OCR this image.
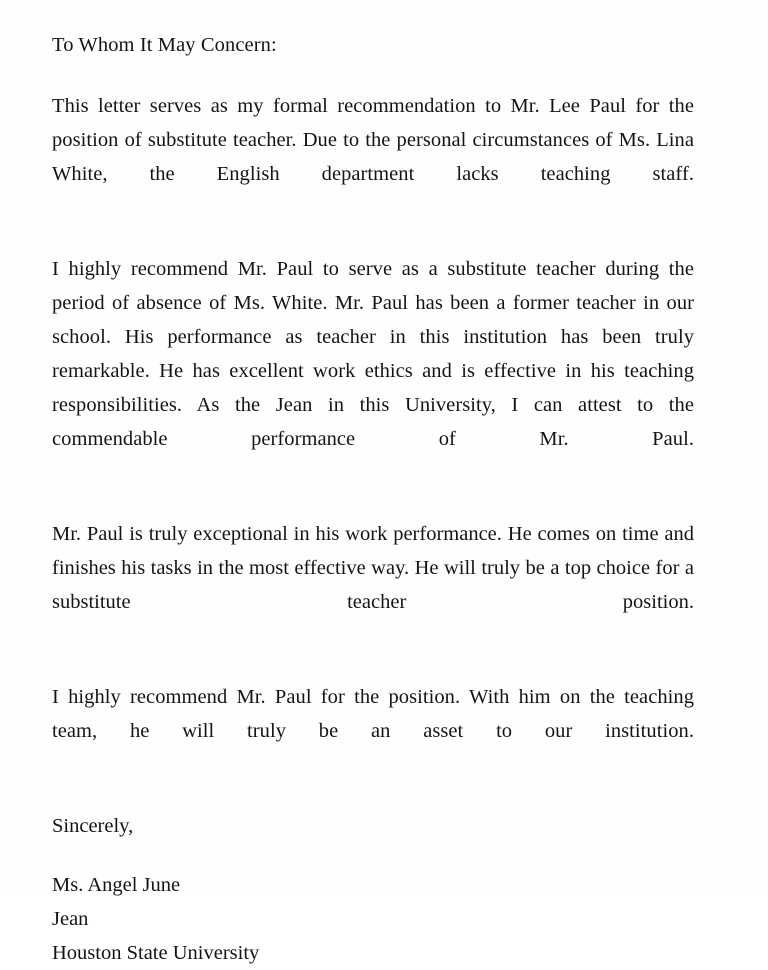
To Whom It May Concern:

This letter serves as my formal recommendation to Mr. Lee Paul for the position of substitute teacher. Due to the personal circumstances of Ms. Lina White, the English department lacks teaching staff.

I highly recommend Mr. Paul to serve as a substitute teacher during the period of absence of Ms. White. Mr. Paul has been a former teacher in our school. His performance as teacher in this institution has been truly remarkable. He has excellent work ethics and is effective in his teaching responsibilities. As the Jean in this University, I can attest to the commendable performance of Mr. Paul.

Mr. Paul is truly exceptional in his work performance. He comes on time and finishes his tasks in the most effective way. He will truly be a top choice for a substitute teacher position.

I highly recommend Mr. Paul for the position. With him on the teaching team, he will truly be an asset to our institution.

Sincerely,

Ms. Angel June
Jean
Houston State University
